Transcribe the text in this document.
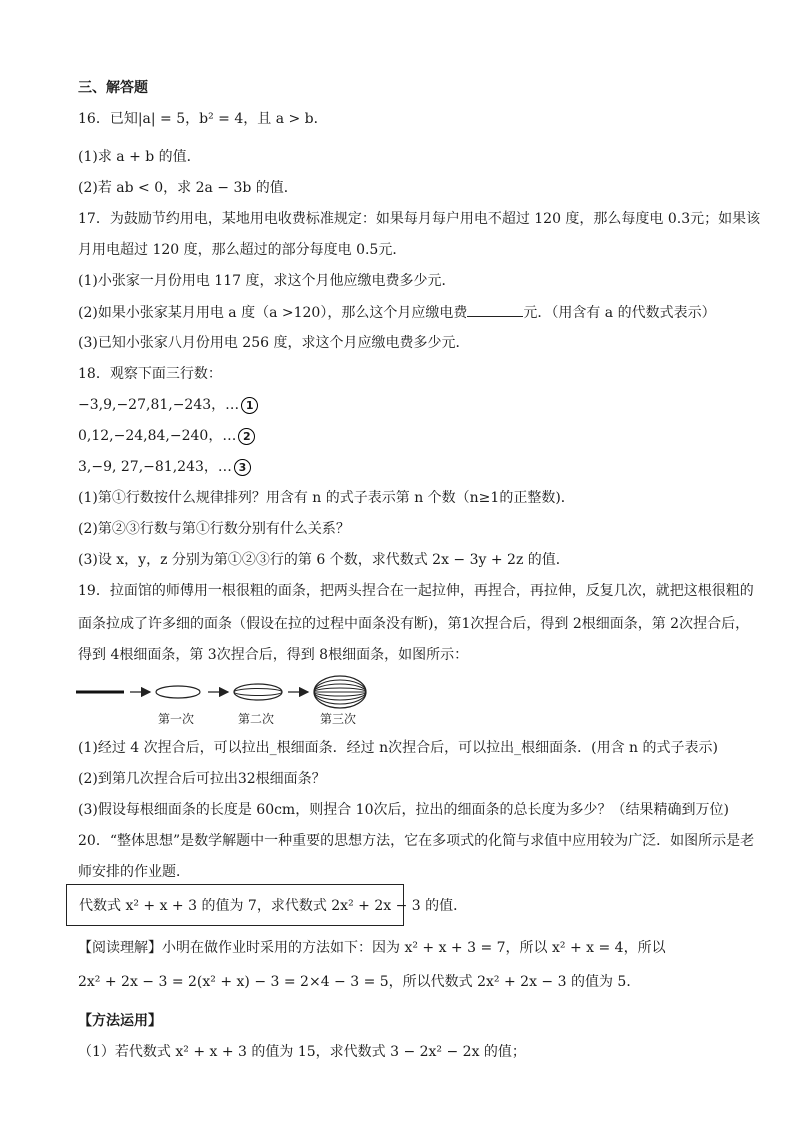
三、解答题
16．已知|a| = 5，b² = 4，且 a > b．
(1)求 a + b 的值．
(2)若 ab < 0，求 2a − 3b 的值．
17．为鼓励节约用电，某地用电收费标准规定：如果每月每户用电不超过 120 度，那么每度电 0.3元；如果该
月用电超过 120 度，那么超过的部分每度电 0.5元．
(1)小张家一月份用电 117 度，求这个月他应缴电费多少元．
(2)如果小张家某月用电 a 度（a >120），那么这个月应缴电费	元．（用含有 a 的代数式表示）
(3)已知小张家八月份用电 256 度，求这个月应缴电费多少元．
18．观察下面三行数：
−3,9,−27,81,−243，… 1
0,12,−24,84,−240，… 2
3,−9, 27,−81,243，… 3
(1)第①行数按什么规律排列？用含有 n 的式子表示第 n 个数（n≥1的正整数)．
(2)第②③行数与第①行数分别有什么关系？
(3)设 x，y，z 分别为第①②③行的第 6 个数，求代数式 2x − 3y + 2z 的值．
19．拉面馆的师傅用一根很粗的面条，把两头捏合在一起拉伸，再捏合，再拉伸，反复几次，就把这根很粗的
面条拉成了许多细的面条（假设在拉的过程中面条没有断)，第1次捏合后，得到 2根细面条，第 2次捏合后，
得到 4根细面条，第 3次捏合后，得到 8根细面条，如图所示：
第一次	第二次	第三次
(1)经过 4 次捏合后，可以拉出_根细面条．经过 n次捏合后，可以拉出_根细面条．(用含 n 的式子表示)
(2)到第几次捏合后可拉出32根细面条？
(3)假设每根细面条的长度是 60cm，则捏合 10次后，拉出的细面条的总长度为多少？（结果精确到万位)
20．“整体思想”是数学解题中一种重要的思想方法，它在多项式的化简与求值中应用较为广泛．如图所示是老
师安排的作业题．
代数式 x² + x + 3 的值为 7，求代数式 2x² + 2x − 3 的值．
【阅读理解】小明在做作业时采用的方法如下：因为 x² + x + 3 = 7，所以 x² + x = 4，所以
2x² + 2x − 3 = 2(x² + x) − 3 = 2×4 − 3 = 5，所以代数式 2x² + 2x − 3 的值为 5．
【方法运用】
（1）若代数式 x² + x + 3 的值为 15，求代数式 3 − 2x² − 2x 的值；
